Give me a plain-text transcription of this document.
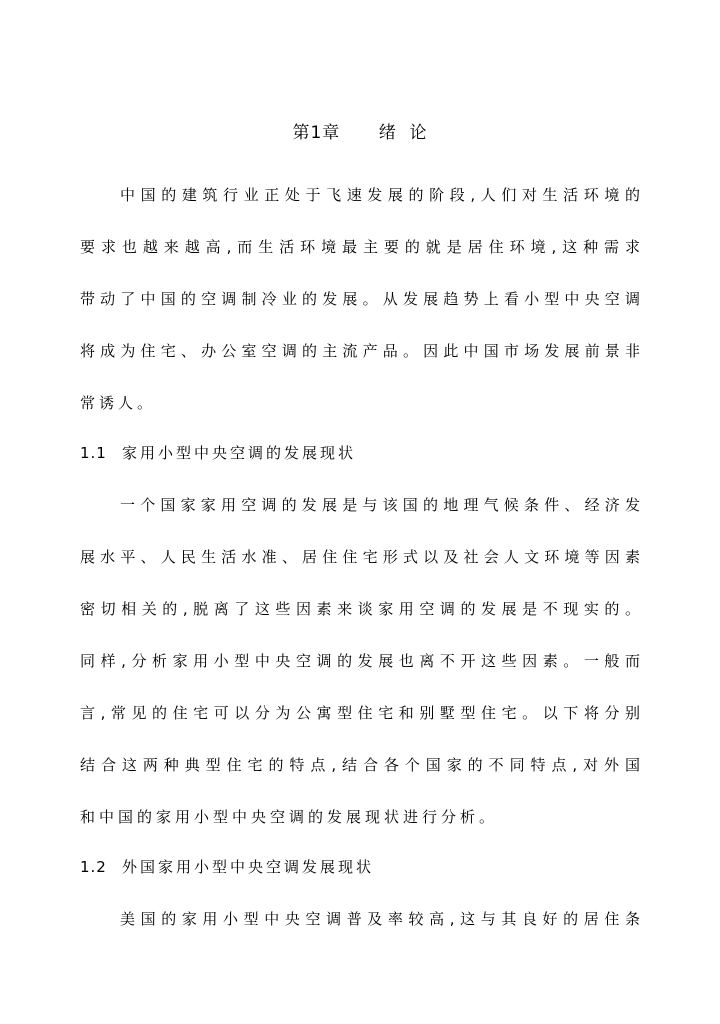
第1章      绪  论
中国的建筑行业正处于飞速发展的阶段,人们对生活环境的
要求也越来越高,而生活环境最主要的就是居住环境,这种需求
带动了中国的空调制冷业的发展。从发展趋势上看小型中央空调
将成为住宅、办公室空调的主流产品。因此中国市场发展前景非
常诱人。
1.1 家用小型中央空调的发展现状
一个国家家用空调的发展是与该国的地理气候条件、经济发
展水平、人民生活水准、居住住宅形式以及社会人文环境等因素
密切相关的,脱离了这些因素来谈家用空调的发展是不现实的。
同样,分析家用小型中央空调的发展也离不开这些因素。一般而
言,常见的住宅可以分为公寓型住宅和别墅型住宅。以下将分别
结合这两种典型住宅的特点,结合各个国家的不同特点,对外国
和中国的家用小型中央空调的发展现状进行分析。
1.2 外国家用小型中央空调发展现状
美国的家用小型中央空调普及率较高,这与其良好的居住条
